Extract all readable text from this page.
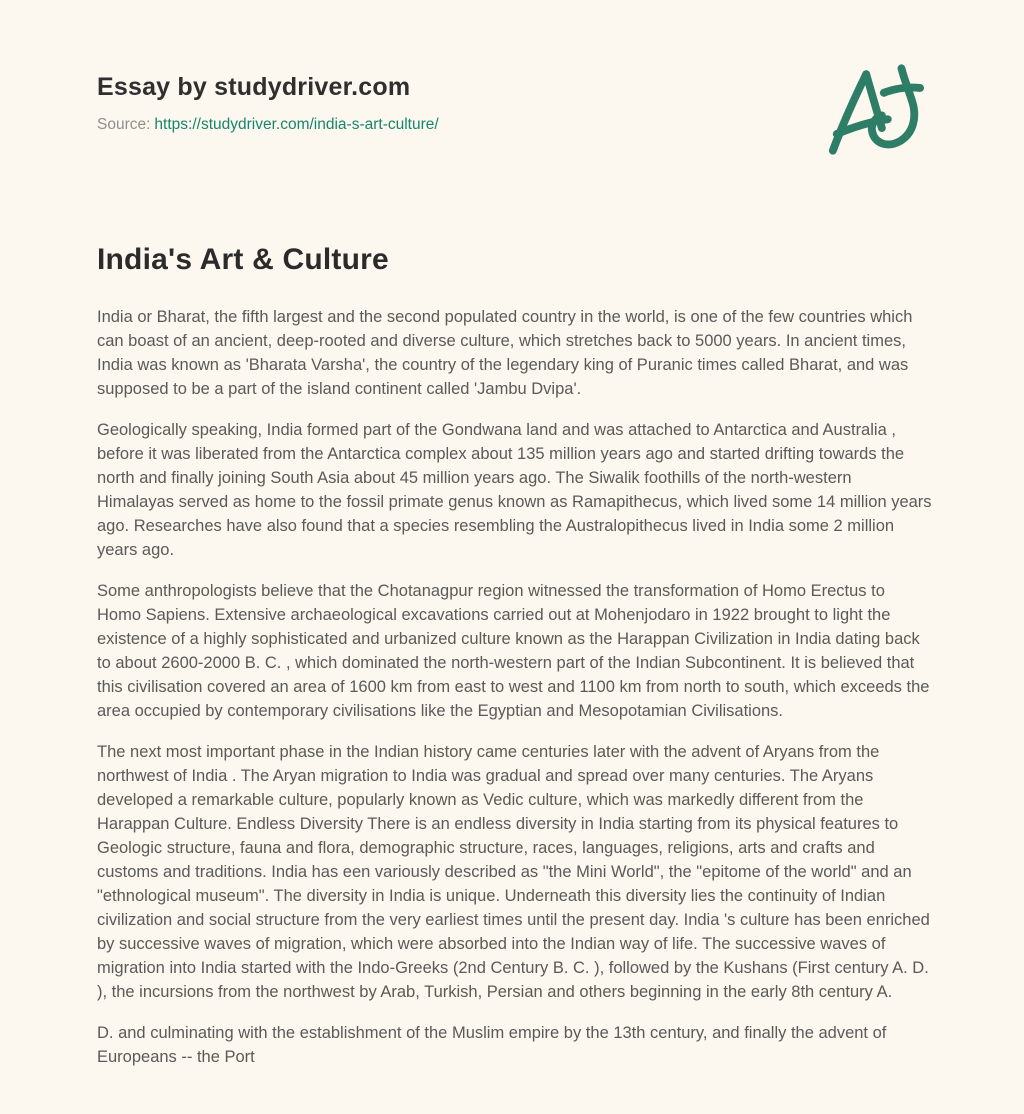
Essay by studydriver.com
Source: https://studydriver.com/india-s-art-culture/
India's Art & Culture

India or Bharat, the fifth largest and the second populated country in the world, is one of the few countries which can boast of an ancient, deep-rooted and diverse culture, which stretches back to 5000 years. In ancient times, India was known as 'Bharata Varsha', the country of the legendary king of Puranic times called Bharat, and was supposed to be a part of the island continent called 'Jambu Dvipa'.

Geologically speaking, India formed part of the Gondwana land and was attached to Antarctica and Australia , before it was liberated from the Antarctica complex about 135 million years ago and started drifting towards the north and finally joining South Asia about 45 million years ago. The Siwalik foothills of the north-western Himalayas served as home to the fossil primate genus known as Ramapithecus, which lived some 14 million years ago. Researches have also found that a species resembling the Australopithecus lived in India some 2 million years ago.

Some anthropologists believe that the Chotanagpur region witnessed the transformation of Homo Erectus to Homo Sapiens. Extensive archaeological excavations carried out at Mohenjodaro in 1922 brought to light the existence of a highly sophisticated and urbanized culture known as the Harappan Civilization in India dating back to about 2600-2000 B. C. , which dominated the north-western part of the Indian Subcontinent. It is believed that this civilisation covered an area of 1600 km from east to west and 1100 km from north to south, which exceeds the area occupied by contemporary civilisations like the Egyptian and Mesopotamian Civilisations.

The next most important phase in the Indian history came centuries later with the advent of Aryans from the northwest of India . The Aryan migration to India was gradual and spread over many centuries. The Aryans developed a remarkable culture, popularly known as Vedic culture, which was markedly different from the Harappan Culture. Endless Diversity There is an endless diversity in India starting from its physical features to Geologic structure, fauna and flora, demographic structure, races, languages, religions, arts and crafts and customs and traditions. India has een variously described as "the Mini World", the "epitome of the world" and an "ethnological museum". The diversity in India is unique. Underneath this diversity lies the continuity of Indian civilization and social structure from the very earliest times until the present day. India 's culture has been enriched by successive waves of migration, which were absorbed into the Indian way of life. The successive waves of migration into India started with the Indo-Greeks (2nd Century B. C. ), followed by the Kushans (First century A. D. ), the incursions from the northwest by Arab, Turkish, Persian and others beginning in the early 8th century A.

D. and culminating with the establishment of the Muslim empire by the 13th century, and finally the advent of Europeans -- the Port
